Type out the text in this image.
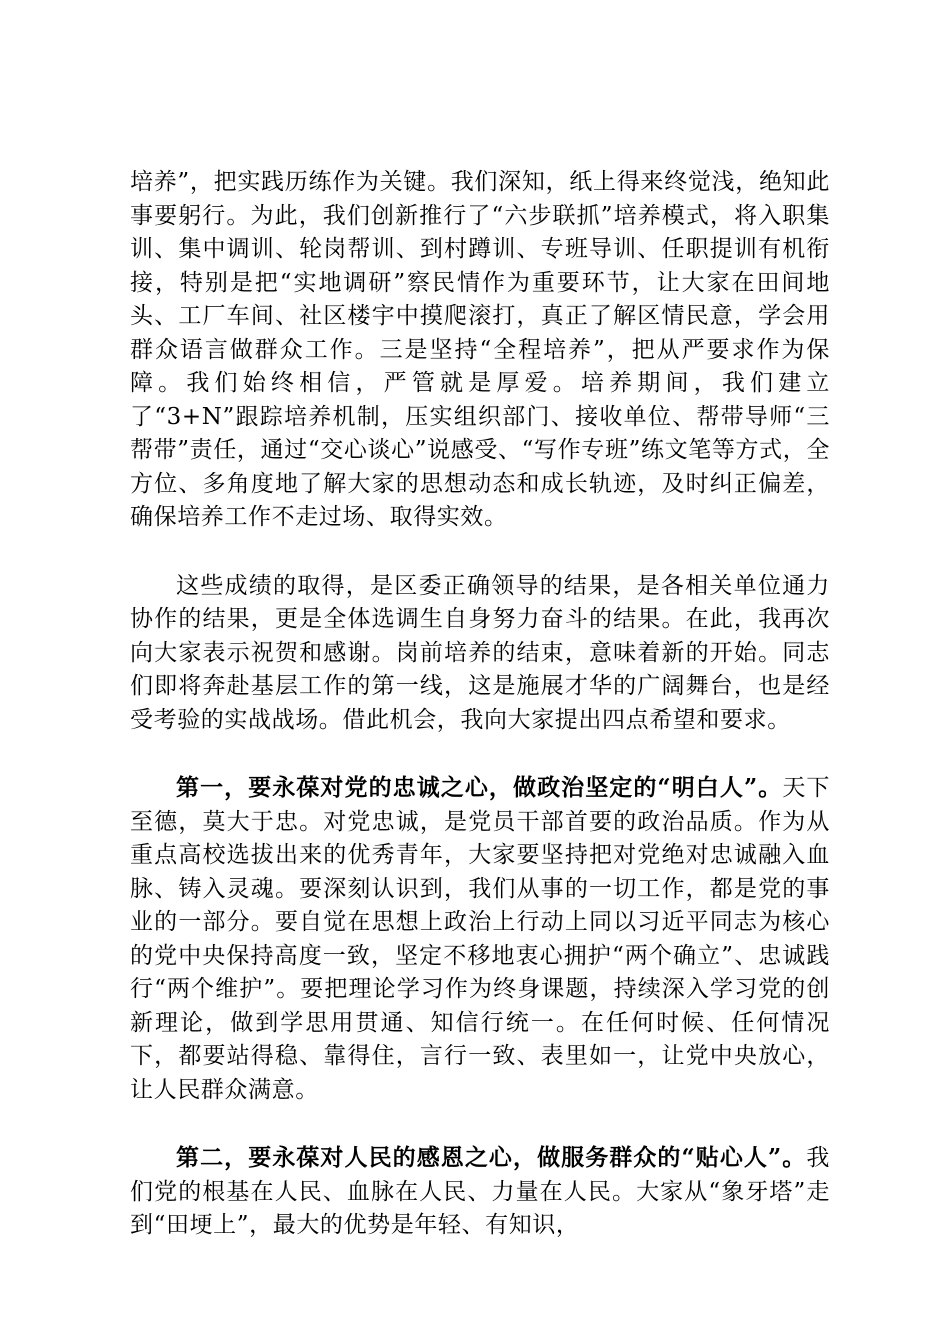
培养”，把实践历练作为关键。我们深知，纸上得来终觉浅，绝知此事要躬行。为此，我们创新推行了“六步联抓”培养模式，将入职集训、集中调训、轮岗帮训、到村蹲训、专班导训、任职提训有机衔接，特别是把“实地调研”察民情作为重要环节，让大家在田间地头、工厂车间、社区楼宇中摸爬滚打，真正了解区情民意，学会用群众语言做群众工作。三是坚持“全程培养”，把从严要求作为保障。我们始终相信，严管就是厚爱。培养期间，我们建立了“3+N”跟踪培养机制，压实组织部门、接收单位、帮带导师“三帮带”责任，通过“交心谈心”说感受、“写作专班”练文笔等方式，全方位、多角度地了解大家的思想动态和成长轨迹，及时纠正偏差，确保培养工作不走过场、取得实效。

这些成绩的取得，是区委正确领导的结果，是各相关单位通力协作的结果，更是全体选调生自身努力奋斗的结果。在此，我再次向大家表示祝贺和感谢。岗前培养的结束，意味着新的开始。同志们即将奔赴基层工作的第一线，这是施展才华的广阔舞台，也是经受考验的实战战场。借此机会，我向大家提出四点希望和要求。

第一，要永葆对党的忠诚之心，做政治坚定的“明白人”。天下至德，莫大于忠。对党忠诚，是党员干部首要的政治品质。作为从重点高校选拔出来的优秀青年，大家要坚持把对党绝对忠诚融入血脉、铸入灵魂。要深刻认识到，我们从事的一切工作，都是党的事业的一部分。要自觉在思想上政治上行动上同以习近平同志为核心的党中央保持高度一致，坚定不移地衷心拥护“两个确立”、忠诚践行“两个维护”。要把理论学习作为终身课题，持续深入学习党的创新理论，做到学思用贯通、知信行统一。在任何时候、任何情况下，都要站得稳、靠得住，言行一致、表里如一，让党中央放心，让人民群众满意。

第二，要永葆对人民的感恩之心，做服务群众的“贴心人”。我们党的根基在人民、血脉在人民、力量在人民。大家从“象牙塔”走到“田埂上”，最大的优势是年轻、有知识，
